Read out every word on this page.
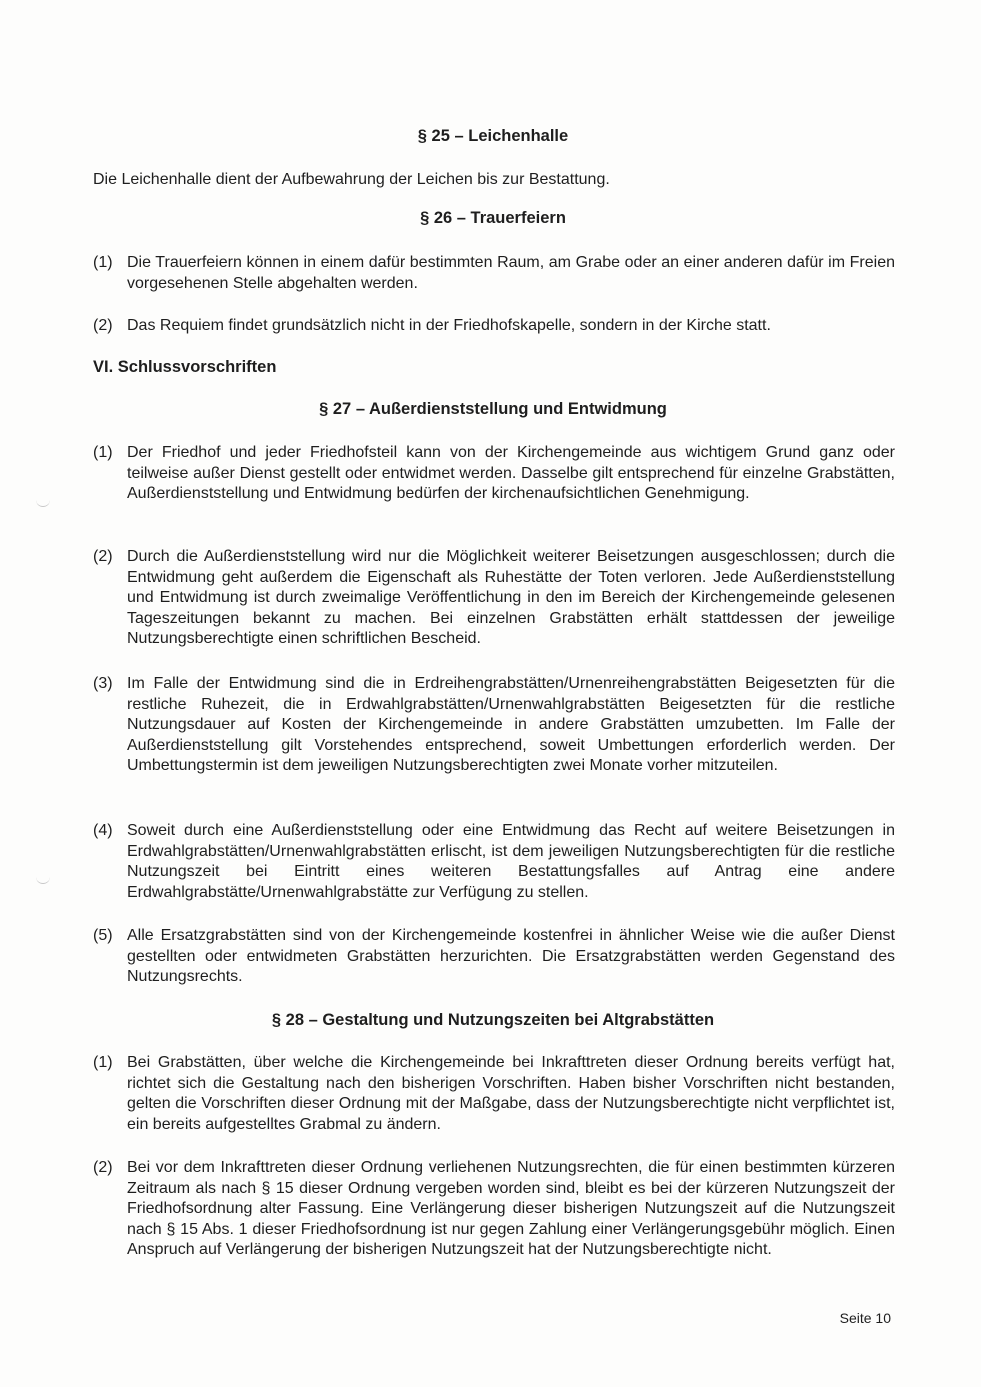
§ 25 – Leichenhalle

Die Leichenhalle dient der Aufbewahrung der Leichen bis zur Bestattung.

§ 26 – Trauerfeiern
(1) Die Trauerfeiern können in einem dafür bestimmten Raum, am Grabe oder an einer anderen dafür im Freien vorgesehenen Stelle abgehalten werden.
(2) Das Requiem findet grundsätzlich nicht in der Friedhofskapelle, sondern in der Kirche statt.
VI. Schlussvorschriften
§ 27 – Außerdienststellung und Entwidmung
(1) Der Friedhof und jeder Friedhofsteil kann von der Kirchengemeinde aus wichtigem Grund ganz oder teilweise außer Dienst gestellt oder entwidmet werden. Dasselbe gilt entsprechend für einzelne Grabstätten, Außerdienststellung und Entwidmung bedürfen der kirchenaufsichtlichen Genehmigung.
(2) Durch die Außerdienststellung wird nur die Möglichkeit weiterer Beisetzungen ausgeschlossen; durch die Entwidmung geht außerdem die Eigenschaft als Ruhestätte der Toten verloren. Jede Außerdienststellung und Entwidmung ist durch zweimalige Veröffentlichung in den im Bereich der Kirchengemeinde gelesenen Tageszeitungen bekannt zu machen. Bei einzelnen Grabstätten erhält stattdessen der jeweilige Nutzungsberechtigte einen schriftlichen Bescheid.
(3) Im Falle der Entwidmung sind die in Erdreihengrabstätten/Urnenreihengrabstätten Beigesetzten für die restliche Ruhezeit, die in Erdwahlgrabstätten/Urnenwahlgrabstätten Beigesetzten für die restliche Nutzungsdauer auf Kosten der Kirchengemeinde in andere Grabstätten umzubetten. Im Falle der Außerdienststellung gilt Vorstehendes entsprechend, soweit Umbettungen erforderlich werden. Der Umbettungstermin ist dem jeweiligen Nutzungsberechtigten zwei Monate vorher mitzuteilen.
(4) Soweit durch eine Außerdienststellung oder eine Entwidmung das Recht auf weitere Beisetzungen in Erdwahlgrabstätten/Urnenwahlgrabstätten erlischt, ist dem jeweiligen Nutzungsberechtigten für die restliche Nutzungszeit bei Eintritt eines weiteren Bestattungsfalles auf Antrag eine andere Erdwahlgrabstätte/Urnenwahlgrabstätte zur Verfügung zu stellen.
(5) Alle Ersatzgrabstätten sind von der Kirchengemeinde kostenfrei in ähnlicher Weise wie die außer Dienst gestellten oder entwidmeten Grabstätten herzurichten. Die Ersatzgrabstätten werden Gegenstand des Nutzungsrechts.
§ 28 – Gestaltung und Nutzungszeiten bei Altgrabstätten
(1) Bei Grabstätten, über welche die Kirchengemeinde bei Inkrafttreten dieser Ordnung bereits verfügt hat, richtet sich die Gestaltung nach den bisherigen Vorschriften. Haben bisher Vorschriften nicht bestanden, gelten die Vorschriften dieser Ordnung mit der Maßgabe, dass der Nutzungsberechtigte nicht verpflichtet ist, ein bereits aufgestelltes Grabmal zu ändern.
(2) Bei vor dem Inkrafttreten dieser Ordnung verliehenen Nutzungsrechten, die für einen bestimmten kürzeren Zeitraum als nach § 15 dieser Ordnung vergeben worden sind, bleibt es bei der kürzeren Nutzungszeit der Friedhofsordnung alter Fassung. Eine Verlängerung dieser bisherigen Nutzungszeit auf die Nutzungszeit nach § 15 Abs. 1 dieser Friedhofsordnung ist nur gegen Zahlung einer Verlängerungsgebühr möglich. Einen Anspruch auf Verlängerung der bisherigen Nutzungszeit hat der Nutzungsberechtigte nicht.
Seite 10
